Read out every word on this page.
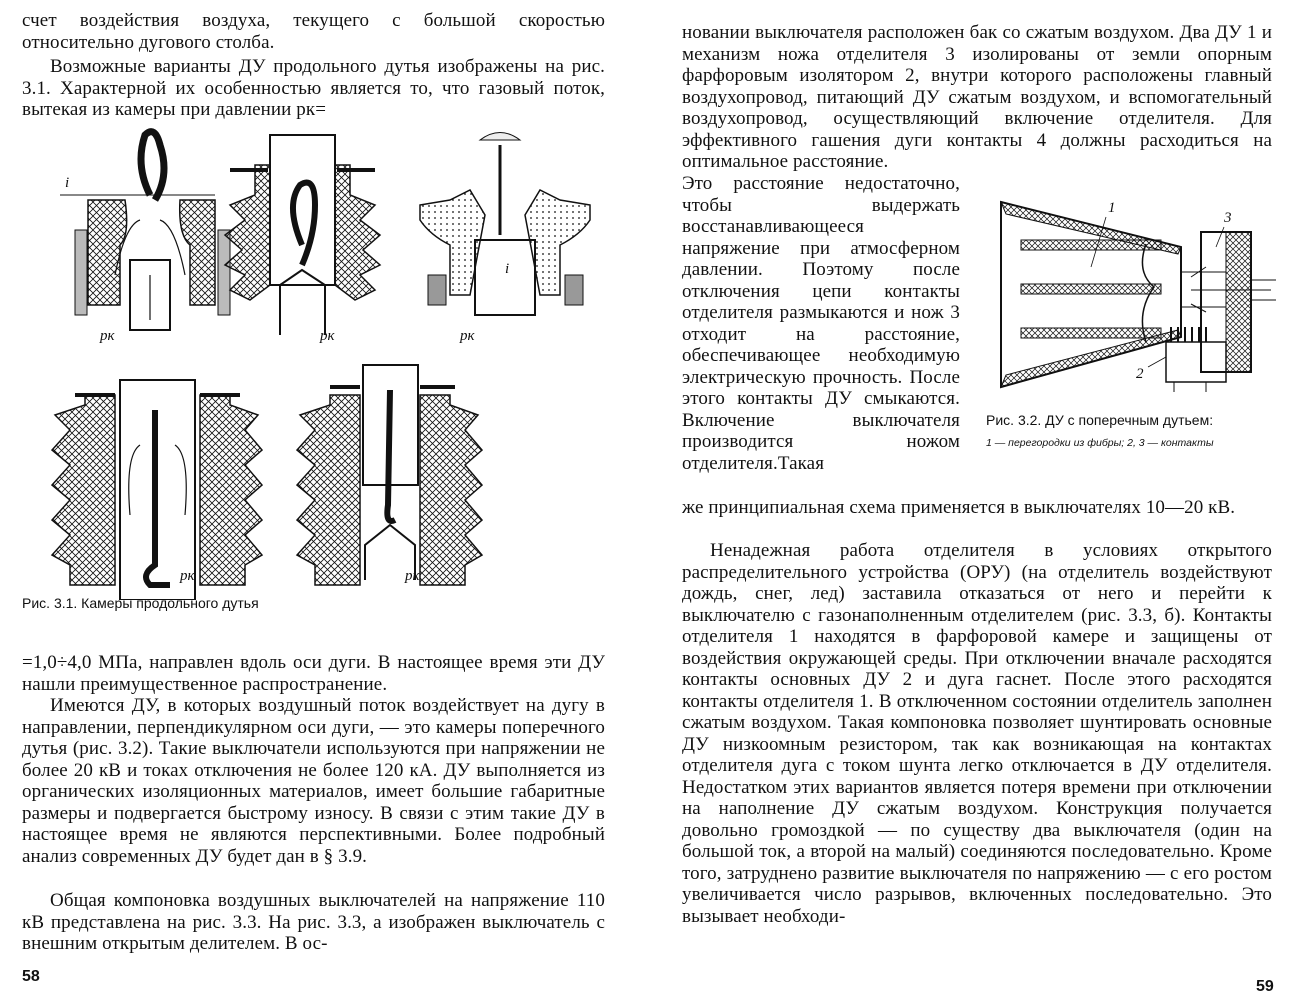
счет воздействия воздуха, текущего с большой скоростью относительно дугового столба.

Возможные варианты ДУ продольного дутья изображены на рис. 3.1. Характерной их особенностью является то, что газовый поток, вытекая из камеры при давлении pк=

i
pк	pк
i
pк
pк	pк
Рис. 3.1. Камеры продольного дутья

=1,0÷4,0 МПа, направлен вдоль оси дуги. В настоящее время эти ДУ нашли преимущественное распространение.

Имеются ДУ, в которых воздушный поток воздействует на дугу в направлении, перпендикулярном оси дуги, — это камеры поперечного дутья (рис. 3.2). Такие выключатели используются при напряжении не более 20 кВ и токах отключения не более 120 кА. ДУ выполняется из органических изоляционных материалов, имеет большие габаритные размеры и подвергается быстрому износу. В связи с этим такие ДУ в настоящее время не являются перспективными. Более подробный анализ современных ДУ будет дан в § 3.9.

Общая компоновка воздушных выключателей на напряжение 110 кВ представлена на рис. 3.3. На рис. 3.3, а изображен выключатель с внешним открытым делителем. В ос-

58

новании выключателя расположен бак со сжатым воздухом. Два ДУ 1 и механизм ножа отделителя 3 изолированы от земли опорным фарфоровым изолятором 2, внутри которого расположены главный воздухопровод, питающий ДУ сжатым воздухом, и вспомогательный воздухопровод, осуществляющий включение отделителя. Для эффективного гашения дуги контакты 4 должны расходиться на оптимальное расстояние.

Это расстояние недостаточно, чтобы выдержать восстанавливающееся напряжение при атмосферном давлении. Поэтому после отключения цепи контакты отделителя размыкаются и нож 3 отходит на расстояние, обеспечивающее необходимую электрическую прочность. После этого контакты ДУ смыкаются. Включение выключателя производится ножом отделителя.Такая

1
2
3
Рис. 3.2. ДУ с поперечным дутьем:
1 — перегородки из фибры; 2, 3 — контакты

же принципиальная схема применяется в выключателях 10—20 кВ.

Ненадежная работа отделителя в условиях открытого распределительного устройства (ОРУ) (на отделитель воздействуют дождь, снег, лед) заставила отказаться от него и перейти к выключателю с газонаполненным отделителем (рис. 3.3, б). Контакты отделителя 1 находятся в фарфоровой камере и защищены от воздействия окружающей среды. При отключении вначале расходятся контакты основных ДУ 2 и дуга гаснет. После этого расходятся контакты отделителя 1. В отключенном состоянии отделитель заполнен сжатым воздухом. Такая компоновка позволяет шунтировать основные ДУ низкоомным резистором, так как возникающая на контактах отделителя дуга с током шунта легко отключается в ДУ отделителя. Недостатком этих вариантов является потеря времени при отключении на наполнение ДУ сжатым воздухом. Конструкция получается довольно громоздкой — по существу два выключателя (один на большой ток, а второй на малый) соединяются последовательно. Кроме того, затруднено развитие выключателя по напряжению — с его ростом увеличивается число разрывов, включенных последовательно. Это вызывает необходи-

59
